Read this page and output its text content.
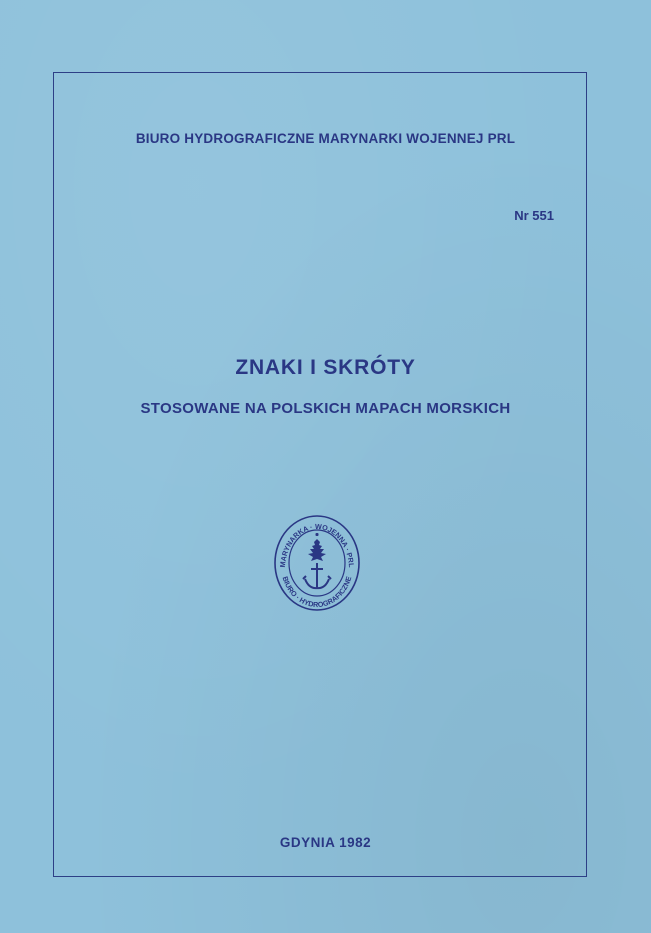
BIURO HYDROGRAFICZNE MARYNARKI WOJENNEJ PRL
Nr 551
ZNAKI I SKRÓTY
STOSOWANE NA POLSKICH MAPACH MORSKICH
MARYNARKA · WOJENNA · PRL
BIURO · HYDROGRAFICZNE
GDYNIA 1982
